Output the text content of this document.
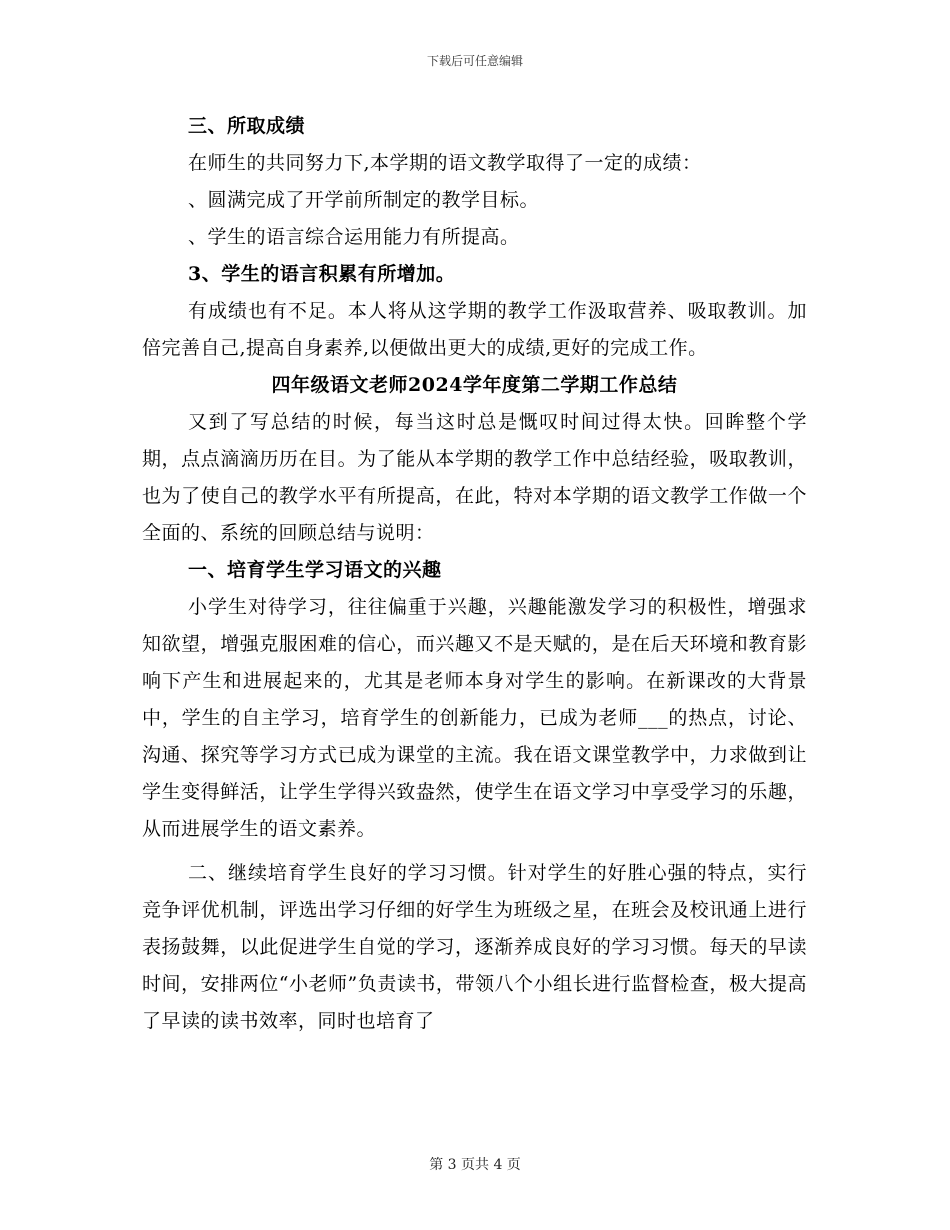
下载后可任意编辑

三、所取成绩

在师生的共同努力下,本学期的语文教学取得了一定的成绩：

、圆满完成了开学前所制定的教学目标。

、学生的语言综合运用能力有所提高。

3、学生的语言积累有所增加。

有成绩也有不足。本人将从这学期的教学工作汲取营养、吸取教训。加倍完善自己,提高自身素养,以便做出更大的成绩,更好的完成工作。

四年级语文老师2024学年度第二学期工作总结

又到了写总结的时候，每当这时总是慨叹时间过得太快。回眸整个学期，点点滴滴历历在目。为了能从本学期的教学工作中总结经验，吸取教训，也为了使自己的教学水平有所提高，在此，特对本学期的语文教学工作做一个全面的、系统的回顾总结与说明：

一、培育学生学习语文的兴趣

小学生对待学习，往往偏重于兴趣，兴趣能激发学习的积极性，增强求知欲望，增强克服困难的信心，而兴趣又不是天赋的，是在后天环境和教育影响下产生和进展起来的，尤其是老师本身对学生的影响。在新课改的大背景中，学生的自主学习，培育学生的创新能力，已成为老师___的热点，讨论、沟通、探究等学习方式已成为课堂的主流。我在语文课堂教学中，力求做到让学生变得鲜活，让学生学得兴致盎然，使学生在语文学习中享受学习的乐趣，从而进展学生的语文素养。

二、继续培育学生良好的学习习惯。针对学生的好胜心强的特点，实行竞争评优机制，评选出学习仔细的好学生为班级之星，在班会及校讯通上进行表扬鼓舞，以此促进学生自觉的学习，逐渐养成良好的学习习惯。每天的早读时间，安排两位“小老师”负责读书，带领八个小组长进行监督检查，极大提高了早读的读书效率，同时也培育了

第 3 页共 4 页
